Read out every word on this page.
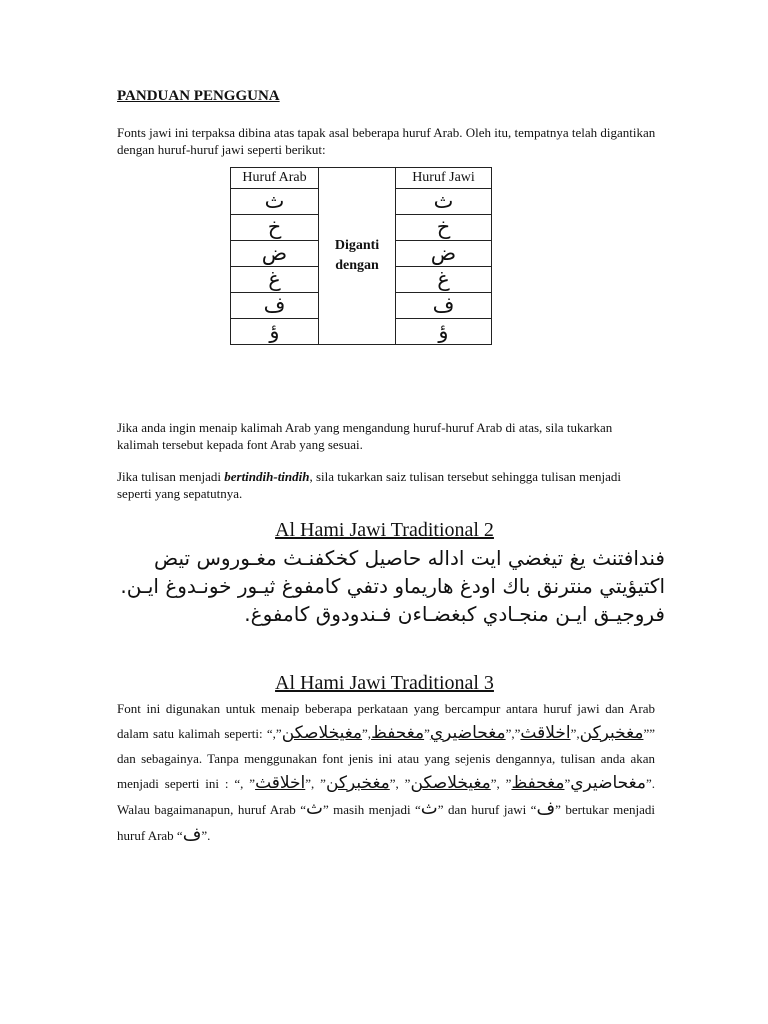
PANDUAN PENGGUNA
Fonts jawi ini terpaksa dibina atas tapak asal beberapa huruf Arab. Oleh itu, tempatnya telah digantikan dengan huruf-huruf jawi seperti berikut:
Huruf Arab	Diganti dengan	Huruf Jawi
ث		ث
خ		خ
ض		ض
غ		غ
ف		ف
ؤ		ؤ
Jika anda ingin menaip kalimah Arab yang mengandung huruf-huruf Arab di atas, sila tukarkan kalimah tersebut kepada font Arab yang sesuai.
Jika tulisan menjadi bertindih-tindih, sila tukarkan saiz tulisan tersebut sehingga tulisan menjadi seperti yang sepatutnya.
Al Hami Jawi Traditional 2
فندافتنث يغ تيغضي ايت اداله حاصيل كخكفنـث مغـوروس تيض اكتيؤيتي منترنق باك اودغ هاريماو دتفي كامفوغ ثيـور خونـدوغ ايـن. فروجيـق ايـن منجـادي كبغضـاءن فـندودوق كامفوغ.
Al Hami Jawi Traditional 3
Font ini digunakan untuk menaip beberapa perkataan yang bercampur antara huruf jawi dan Arab dalam satu kalimah seperti: “,”مغيخلاصكن”,مغحفظ”مغحاضيري”,”اخلاقث”,مغخبركن”” dan sebagainya. Tanpa menggunakan font jenis ini atau yang sejenis dengannya, tulisan anda akan menjadi seperti ini : “, ”اخلاقث”, ”مغخبركن”, ”مغيخلاصكن”, ”مغحفظ”مغحاضيري”. Walau bagaimanapun, huruf Arab “ث” masih menjadi “ث” dan huruf jawi “ف” bertukar menjadi huruf Arab “ف”.
